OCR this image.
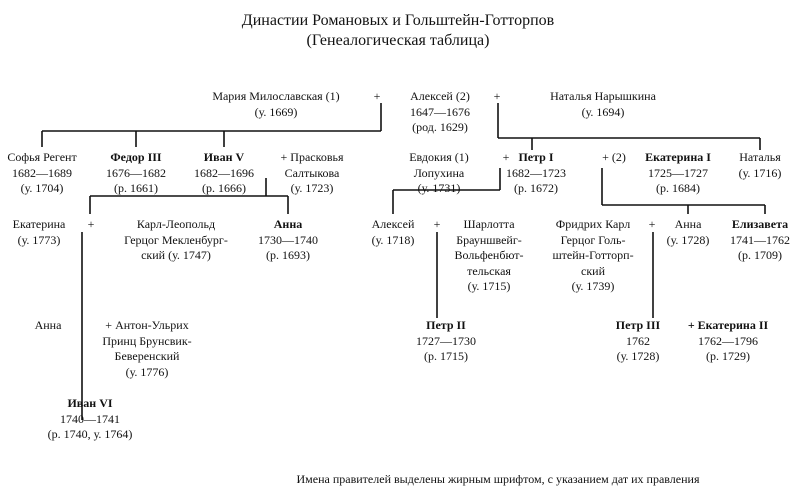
Династии Романовых и Гольштейн-Готторпов
(Генеалогическая таблица)
Мария Милославская (1)
(у. 1669)
+ Алексей (2)
1647—1676
(род. 1629)
+	Наталья Нарышкина
(у. 1694)
Софья Регент
1682—1689
(у. 1704)
Федор III
1676—1682
(р. 1661)
Иван V
1682—1696
(р. 1666)
+ Прасковья
Салтыкова
(у. 1723)
Евдокия (1)
Лопухина
(у. 1731)
+ Петр I
1682—1723
(р. 1672)
+ (2) Екатерина I
1725—1727
(р. 1684)
Наталья
(у. 1716)
Екатерина
(у. 1773)
+	Карл-Леопольд
Герцог Мекленбург-
ский (у. 1747)
Анна
1730—1740
(р. 1693)
Алексей
(у. 1718)
+	Шарлотта
Брауншвейг-
Вольфенбют-
тельская
(у. 1715)
Фридрих Карл
Герцог Голь-
штейн-Готторп-
ский
(у. 1739)
+	Анна
(у. 1728)
Елизавета
1741—1762
(р. 1709)
Анна	+ Антон-Ульрих
Принц Брунсвик-
Беверенский
(у. 1776)
Петр II
1727—1730
(р. 1715)
Петр III
1762
(у. 1728)
+ Екатерина II
1762—1796
(р. 1729)
Иван VI
1740—1741
(р. 1740, у. 1764)
Имена правителей выделены жирным шрифтом, с указанием дат их правления
